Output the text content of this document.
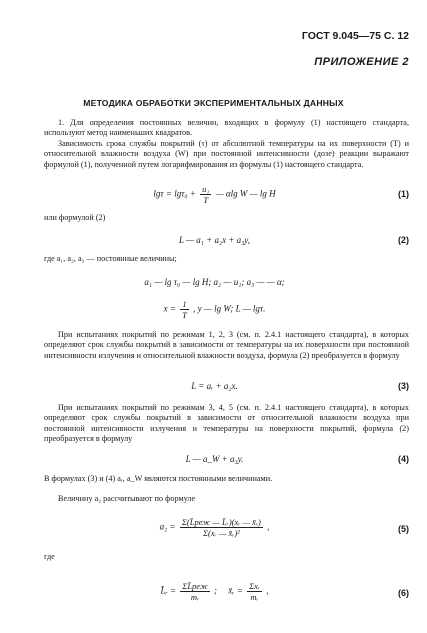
ГОСТ 9.045—75 С. 12
ПРИЛОЖЕНИЕ 2
МЕТОДИКА ОБРАБОТКИ ЭКСПЕРИМЕНТАЛЬНЫХ ДАННЫХ
1. Для определения постоянных величин, входящих в формулу (1) настоящего стандарта, используют метод наименьших квадратов.
Зависимость срока службы покрытий (τ) от абсолютной температуры на их поверхности (T) и относительной влажности воздуха (W) при постоянной интенсивности (дозе) реакции выражают формулой (1), полученной путем логарифмирования из формулы (1) настоящего стандарта.
$\lg\tau = \lg\tau_0 + \frac{\text{u₁}}{T}$ — αlg W — lg H	(1)
или формулой (2)
L — a₁ + a₂x + a₃y,	(2)
где a₁, a₂, a₃ — постоянные величины;
a₁ — lg τ₀ — lg H; a₂ — u₁; a₃ — — α;
$x = \frac{1}{T}$ , y — lg W; L — lgτ.
При испытаниях покрытий по режимам 1, 2, 3 (см. п. 2.4.1 настоящего стандарта), в которых определяют срок службы покрытий в зависимости от температуры на их поверхности при постоянной интенсивности излучения и относительной влажности воздуха, формула (2) преобразуется в формулу
L = aᵣ + a₂x.	(3)
При испытаниях покрытий по режимам 3, 4, 5 (см. п. 2.4.1 настоящего стандарта), в которых определяют срок службы покрытий в зависимости от относительной влажности воздуха при постоянной интенсивности излучения и температуры на поверхности покрытий, формула (2) преобразуется в формулу
L — a_W + a₃y.	(4)
В формулах (3) и (4) aᵣ, a_W являются постоянными величинами.
Величину a₂ рассчитывают по формуле
$a_2 = \frac{\text{Σ(L̄реж — L̄ᵣ)(xᵣ — x̄ᵣ)}}{\text{Σ(xᵣ — x̄ᵣ)²}}$ ,	(5)
где
L̄ᵣ = $\frac{\text{ΣL̄реж}}{\text{mᵣ}}$ ; x̄ᵣ = $\frac{\text{Σxᵣ}}{\text{mᵣ}}$ ,	(6)
